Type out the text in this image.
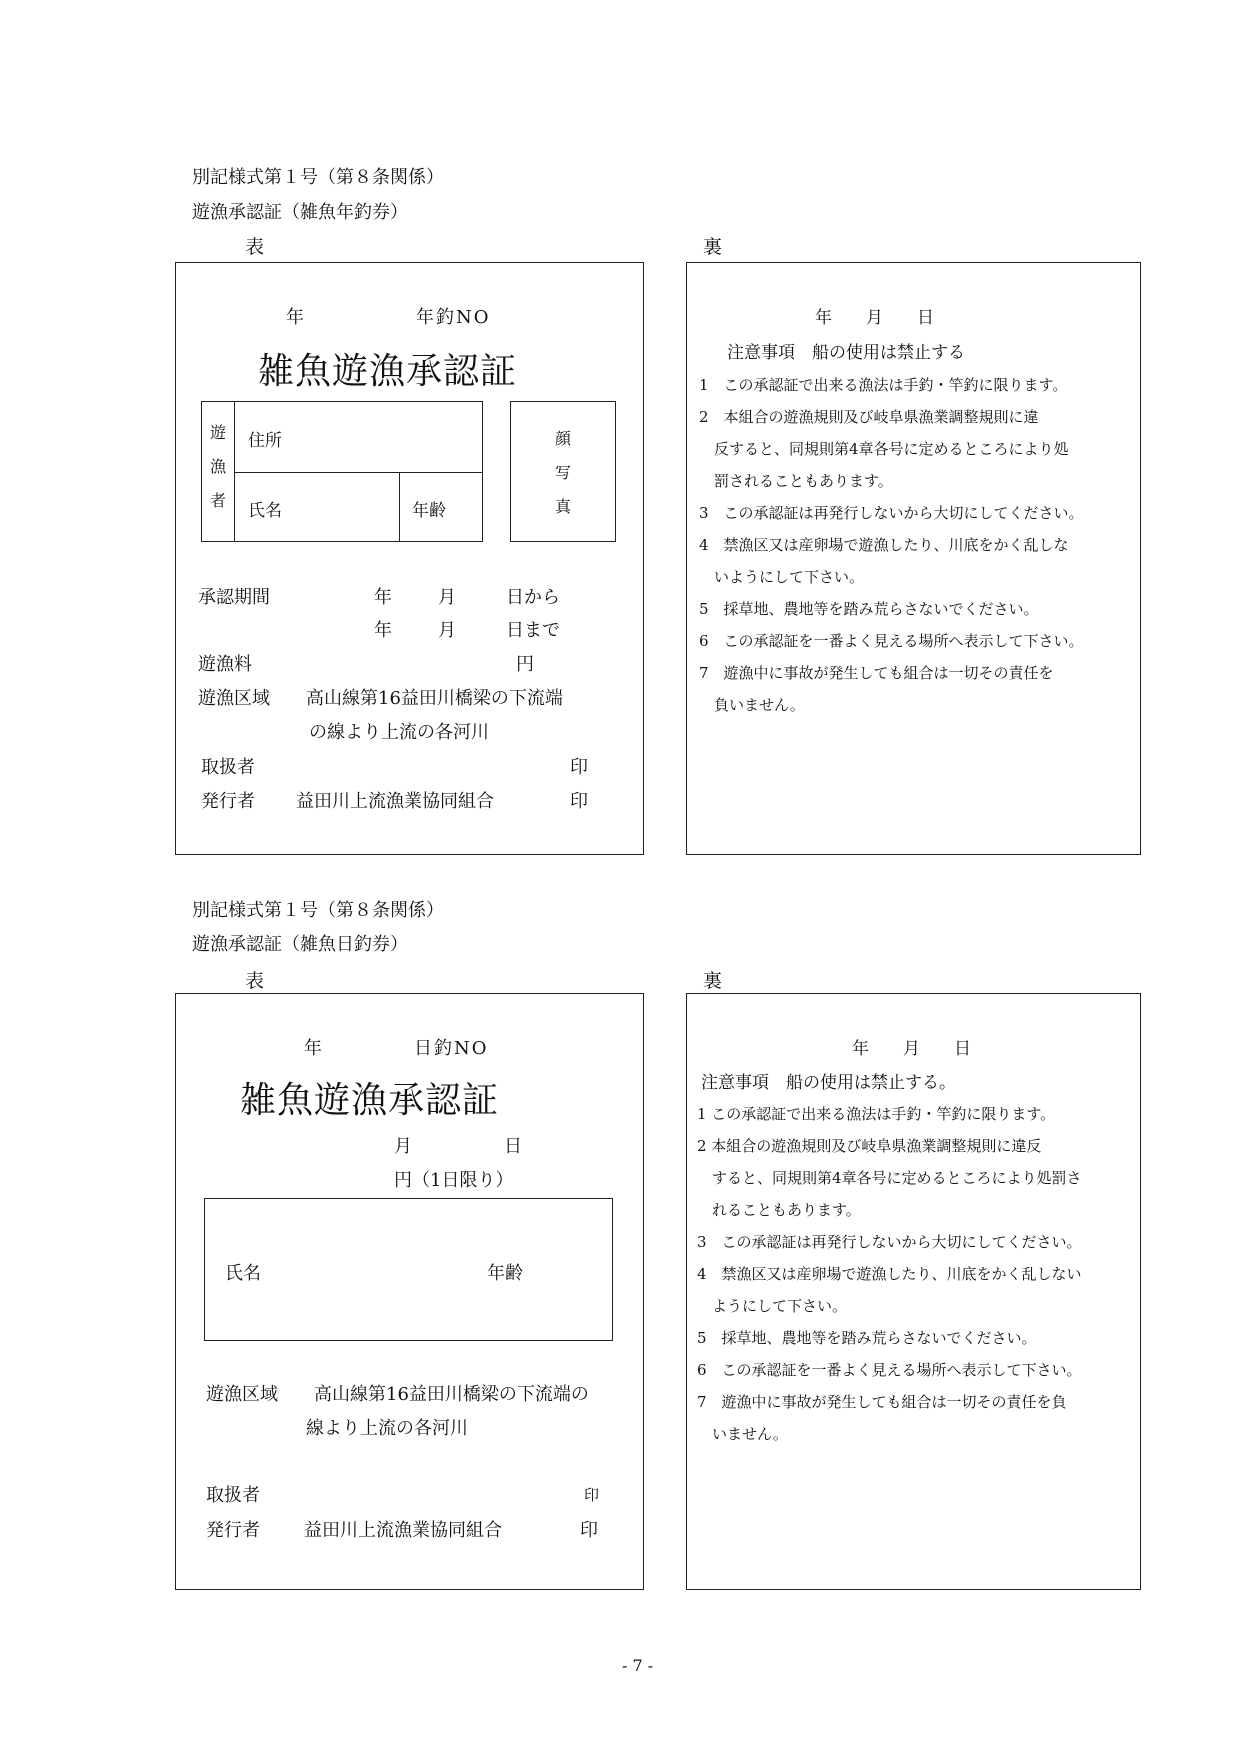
別記様式第１号（第８条関係）
遊漁承認証（雑魚年釣券）
表	裏
年	年釣NO
雑魚遊漁承認証
遊
漁
者
住所
氏名	年齢
顔
写
真
承認期間	年	月	日から
年	月	日まで
遊漁料	円
遊漁区域 高山線第16益田川橋梁の下流端
の線より上流の各河川
取扱者	印
発行者 益田川上流漁業協同組合	印
年　　月　　日
注意事項　船の使用は禁止する
1　この承認証で出来る漁法は手釣・竿釣に限ります。
2　本組合の遊漁規則及び岐阜県漁業調整規則に違
　反すると、同規則第4章各号に定めるところにより処
　罰されることもあります。
3　この承認証は再発行しないから大切にしてください。
4　禁漁区又は産卵場で遊漁したり、川底をかく乱しな
　いようにして下さい。
5　採草地、農地等を踏み荒らさないでください。
6　この承認証を一番よく見える場所へ表示して下さい。
7　遊漁中に事故が発生しても組合は一切その責任を
　負いません。
別記様式第１号（第８条関係）
遊漁承認証（雑魚日釣券）
表	裏
年	日釣NO
雑魚遊漁承認証
月	日
円（1日限り）
氏名	年齢
遊漁区域 高山線第16益田川橋梁の下流端の
線より上流の各河川
取扱者	印
発行者 益田川上流漁業協同組合	印
年　　月　　日
注意事項　船の使用は禁止する。
1 この承認証で出来る漁法は手釣・竿釣に限ります。
2 本組合の遊漁規則及び岐阜県漁業調整規則に違反
　すると、同規則第4章各号に定めるところにより処罰さ
　れることもあります。
3　この承認証は再発行しないから大切にしてください。
4　禁漁区又は産卵場で遊漁したり、川底をかく乱しない
　ようにして下さい。
5　採草地、農地等を踏み荒らさないでください。
6　この承認証を一番よく見える場所へ表示して下さい。
7　遊漁中に事故が発生しても組合は一切その責任を負
　いません。
- 7 -
